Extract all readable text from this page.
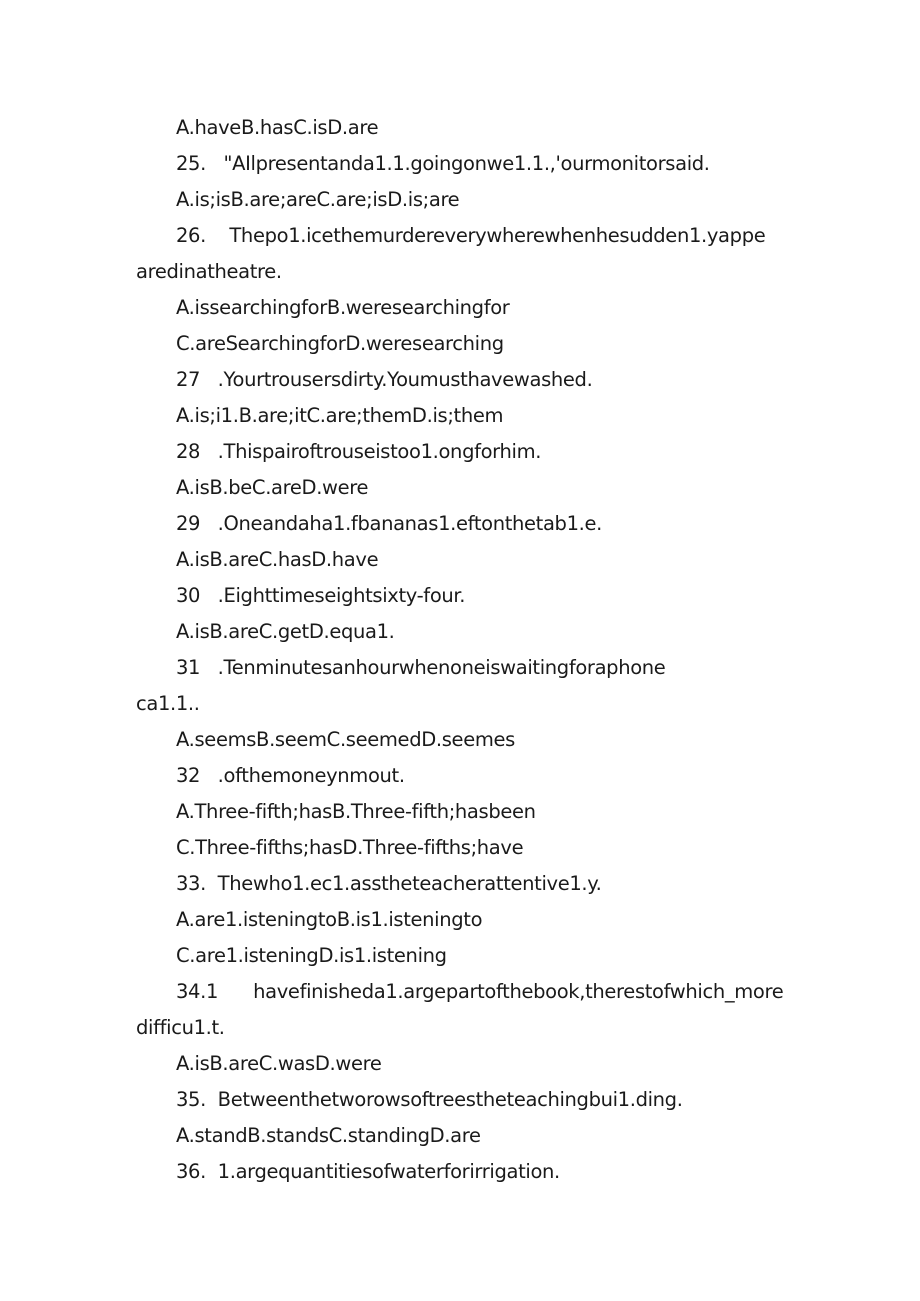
A.haveB.hasC.isD.are
25. "AIlpresentanda1.1.goingonwe1.1.,'ourmonitorsaid.
A.is;isB.are;areC.are;isD.is;are
26. Thepo1.icethemurdereverywherewhenhesudden1.yappe
aredinatheatre.
A.issearchingforB.weresearchingfor
C.areSearchingforD.weresearching
27 .Yourtrousersdirty.Youmusthavewashed.
A.is;i1.B.are;itC.are;themD.is;them
28 .Thispairoftrouseistoo1.ongforhim.
A.isB.beC.areD.were
29 .Oneandaha1.fbananas1.eftonthetab1.e.
A.isB.areC.hasD.have
30 .Eighttimeseightsixty-four.
A.isB.areC.getD.equa1.
31 .Tenminutesanhourwhenoneiswaitingforaphone
ca1.1..
A.seemsB.seemC.seemedD.seemes
32 .ofthemoneynmout.
A.Three-fifth;hasB.Three-fifth;hasbeen
C.Three-fifths;hasD.Three-fifths;have
33. Thewho1.ec1.asstheteacherattentive1.y.
A.are1.isteningtoB.is1.isteningto
C.are1.isteningD.is1.istening
34.1 havefinisheda1.argepartofthebook,therestofwhich_more
difficu1.t.
A.isB.areC.wasD.were
35. Betweenthetworowsoftreestheteachingbui1.ding.
A.standB.standsC.standingD.are
36. 1.argequantitiesofwaterforirrigation.
